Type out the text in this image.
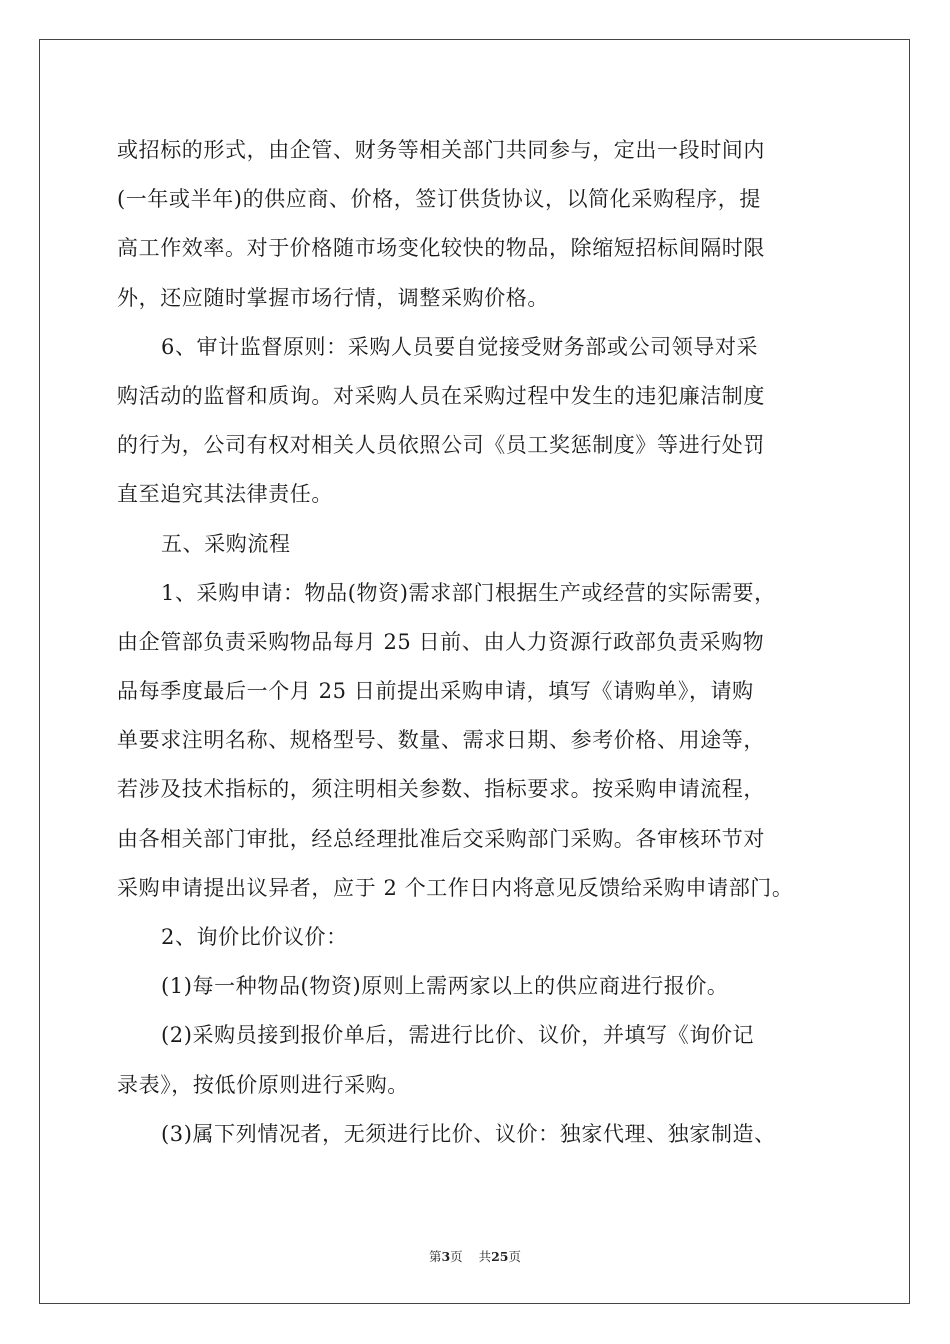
或招标的形式，由企管、财务等相关部门共同参与，定出一段时间内
(一年或半年)的供应商、价格，签订供货协议，以简化采购程序，提
高工作效率。对于价格随市场变化较快的物品，除缩短招标间隔时限
外，还应随时掌握市场行情，调整采购价格。
6、审计监督原则：采购人员要自觉接受财务部或公司领导对采
购活动的监督和质询。对采购人员在采购过程中发生的违犯廉洁制度
的行为，公司有权对相关人员依照公司《员工奖惩制度》等进行处罚
直至追究其法律责任。
五、采购流程
1、采购申请：物品(物资)需求部门根据生产或经营的实际需要，
由企管部负责采购物品每月 25 日前、由人力资源行政部负责采购物
品每季度最后一个月 25 日前提出采购申请，填写《请购单》，请购
单要求注明名称、规格型号、数量、需求日期、参考价格、用途等，
若涉及技术指标的，须注明相关参数、指标要求。按采购申请流程，
由各相关部门审批，经总经理批准后交采购部门采购。各审核环节对
采购申请提出议异者，应于 2 个工作日内将意见反馈给采购申请部门。
2、询价比价议价：
(1)每一种物品(物资)原则上需两家以上的供应商进行报价。
(2)采购员接到报价单后，需进行比价、议价，并填写《询价记
录表》，按低价原则进行采购。
(3)属下列情况者，无须进行比价、议价：独家代理、独家制造、
第3页 共25页
